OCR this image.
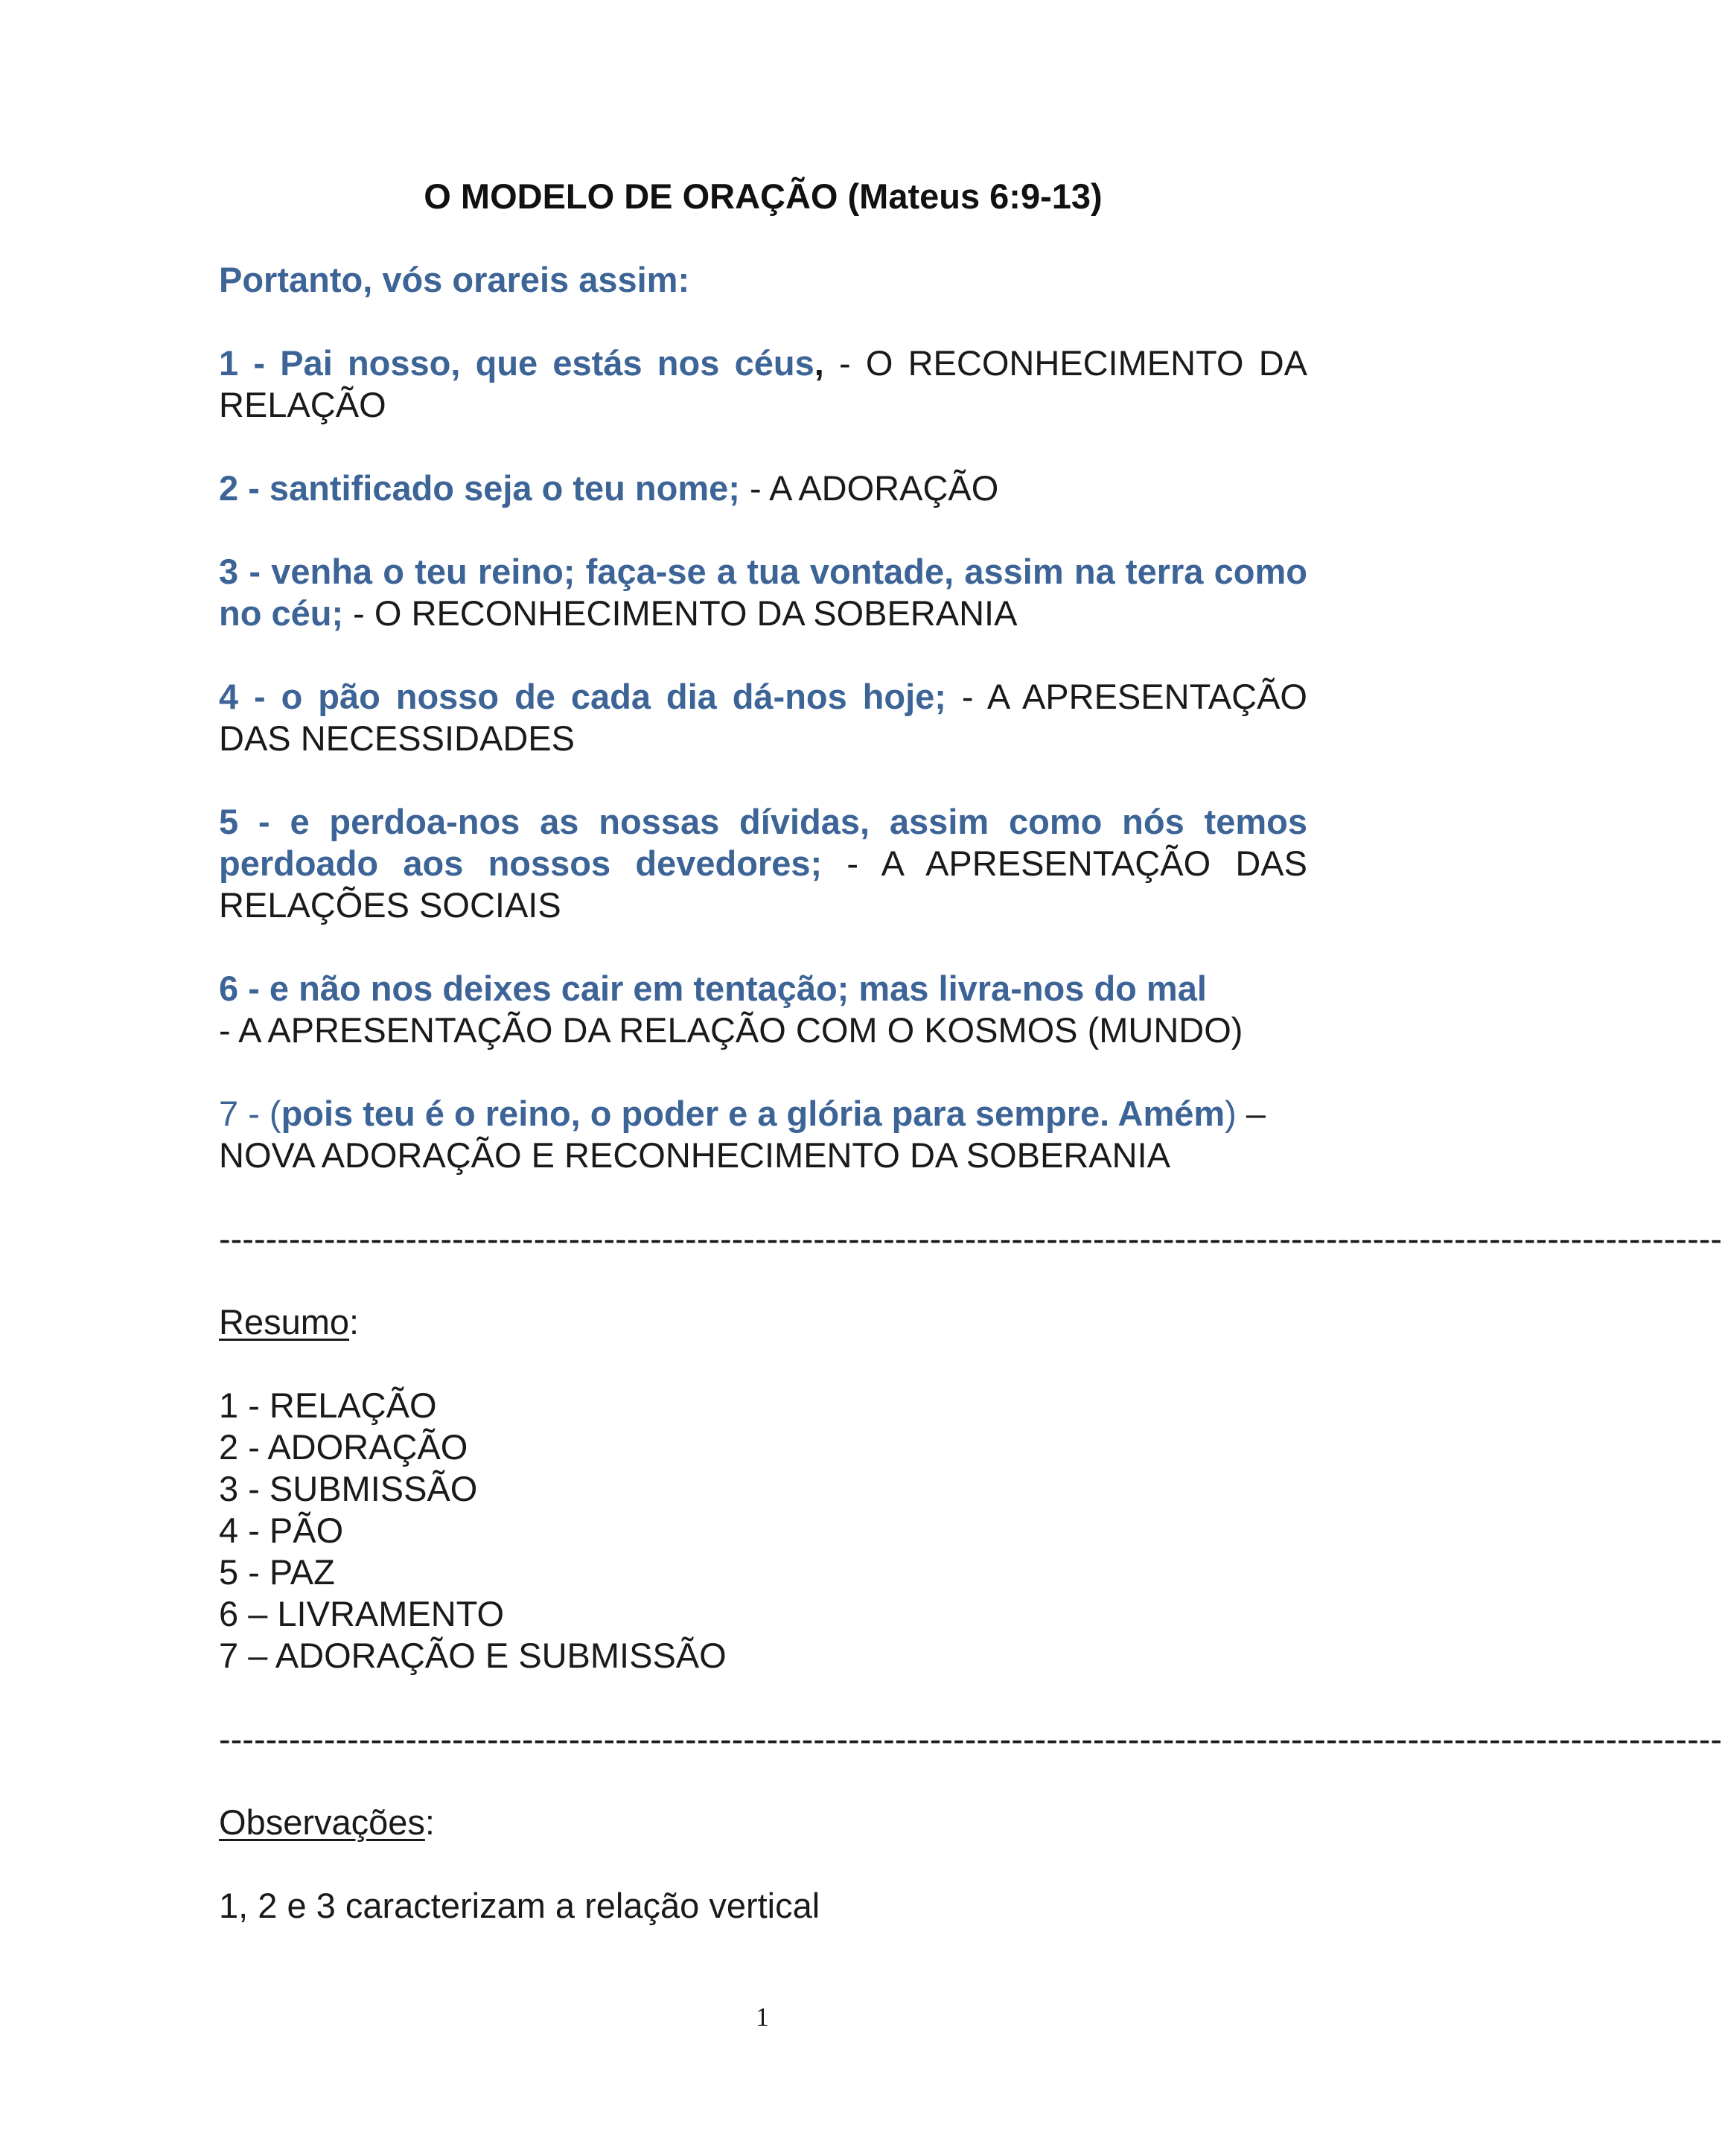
O MODELO DE ORAÇÃO (Mateus 6:9-13)
Portanto, vós orareis assim:
1 - Pai nosso, que estás nos céus, - O RECONHECIMENTO DA RELAÇÃO
2 - santificado seja o teu nome; - A ADORAÇÃO
3 - venha o teu reino; faça-se a tua vontade, assim na terra como no céu; - O RECONHECIMENTO DA SOBERANIA
4 - o pão nosso de cada dia dá-nos hoje; - A APRESENTAÇÃO DAS NECESSIDADES
5 - e perdoa-nos as nossas dívidas, assim como nós temos perdoado aos nossos devedores; - A APRESENTAÇÃO DAS RELAÇÕES SOCIAIS
6 - e não nos deixes cair em tentação; mas livra-nos do mal
- A APRESENTAÇÃO DA RELAÇÃO COM O KOSMOS (MUNDO)
7 - (pois teu é o reino, o poder e a glória para sempre. Amém) – NOVA ADORAÇÃO E RECONHECIMENTO DA SOBERANIA
---------------------------------------------------------------------------------------------------------------------------------
Resumo:
1 - RELAÇÃO
2 - ADORAÇÃO
3 - SUBMISSÃO
4 - PÃO
5 - PAZ
6 – LIVRAMENTO
7 – ADORAÇÃO E SUBMISSÃO
---------------------------------------------------------------------------------------------------------------------------------
Observações:
1, 2 e 3 caracterizam a relação vertical
1
